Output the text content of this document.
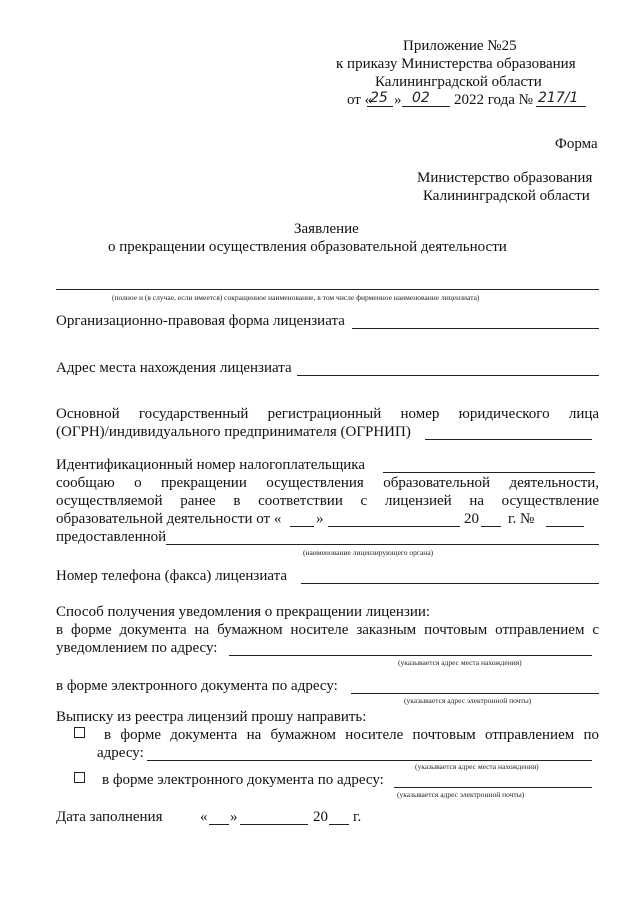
Приложение №25
к приказу Министерства образования
Калининградской области
от «
25 » 02 2022 года № 217/1
Форма
Министерство образования
Калининградской области
Заявление
о прекращении осуществления образовательной деятельности
(полное и (в случае, если имеется) сокращенное наименование, в том числе фирменное наименование лицензиата)
Организационно-правовая форма лицензиата
Адрес места нахождения лицензиата
Основной государственный регистрационный номер юридического лица
(ОГРН)/индивидуального предпринимателя (ОГРНИП)
Идентификационный номер налогоплательщика
сообщаю о прекращении осуществления образовательной деятельности,
осуществляемой ранее в соответствии с лицензией на осуществление
образовательной деятельности от « »	20 г. №
предоставленной
(наименование лицензирующего органа)
Номер телефона (факса) лицензиата
Способ получения уведомления о прекращении лицензии:
в форме документа на бумажном носителе заказным почтовым отправлением с
уведомлением по адресу:
(указывается адрес места нахождения)
в форме электронного документа по адресу:
(указывается адрес электронной почты)
Выписку из реестра лицензий прошу направить:
в форме документа на бумажном носителе почтовым отправлением по
адресу:
(указывается адрес места нахождения)
в форме электронного документа по адресу:
(указывается адрес электронной почты)
Дата заполнения	« »	20 г.
